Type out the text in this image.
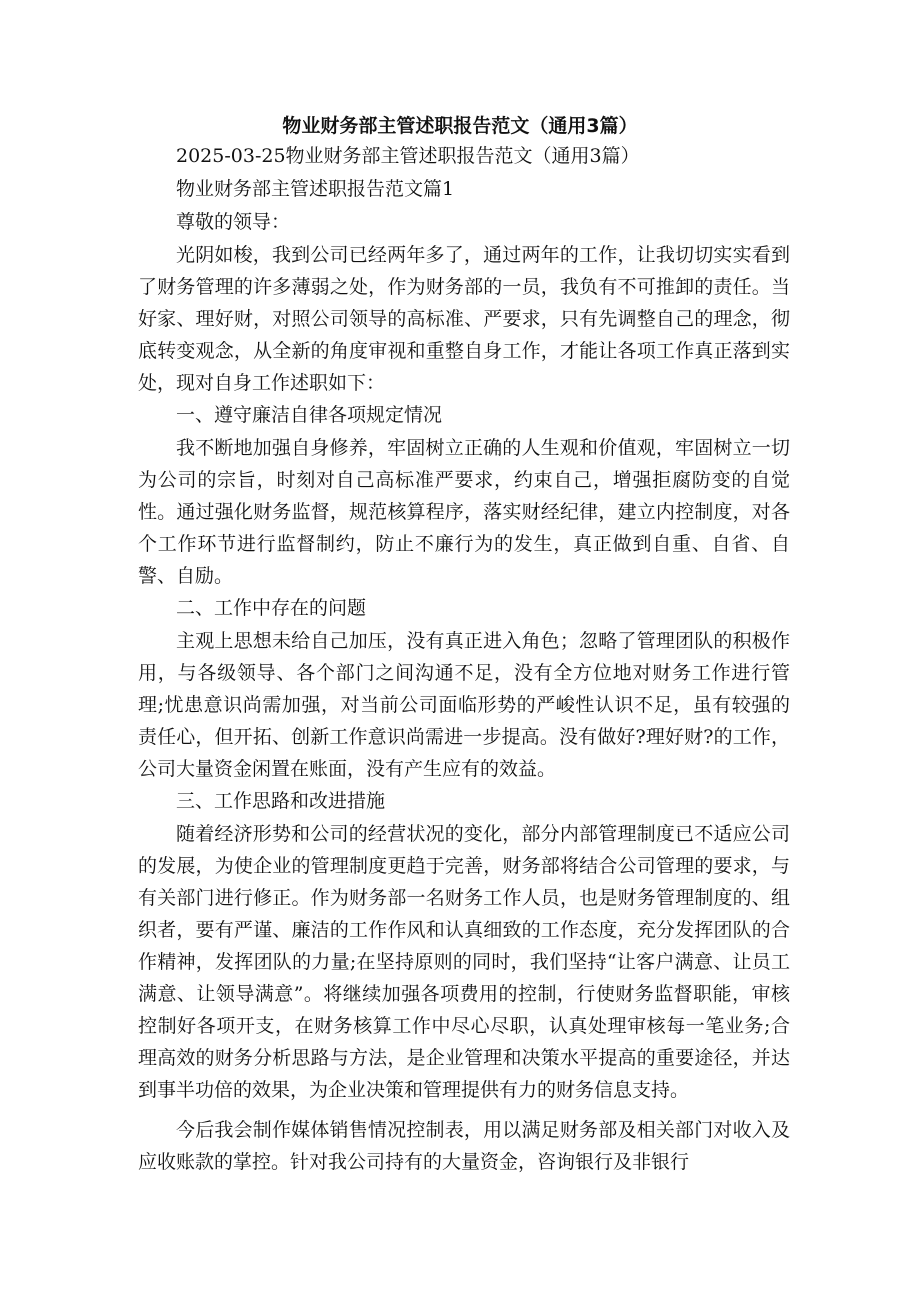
物业财务部主管述职报告范文（通用3篇）

2025-03-25物业财务部主管述职报告范文（通用3篇）

物业财务部主管述职报告范文篇1

尊敬的领导：

光阴如梭，我到公司已经两年多了，通过两年的工作，让我切切实实看到了财务管理的许多薄弱之处，作为财务部的一员，我负有不可推卸的责任。当好家、理好财，对照公司领导的高标准、严要求，只有先调整自己的理念，彻底转变观念，从全新的角度审视和重整自身工作，才能让各项工作真正落到实处，现对自身工作述职如下：

一、遵守廉洁自律各项规定情况

我不断地加强自身修养，牢固树立正确的人生观和价值观，牢固树立一切为公司的宗旨，时刻对自己高标准严要求，约束自己，增强拒腐防变的自觉性。通过强化财务监督，规范核算程序，落实财经纪律，建立内控制度，对各个工作环节进行监督制约，防止不廉行为的发生，真正做到自重、自省、自警、自励。

二、工作中存在的问题

主观上思想未给自己加压，没有真正进入角色；忽略了管理团队的积极作用，与各级领导、各个部门之间沟通不足，没有全方位地对财务工作进行管理;忧患意识尚需加强，对当前公司面临形势的严峻性认识不足，虽有较强的责任心，但开拓、创新工作意识尚需进一步提高。没有做好?理好财?的工作，公司大量资金闲置在账面，没有产生应有的效益。

三、工作思路和改进措施

随着经济形势和公司的经营状况的变化，部分内部管理制度已不适应公司的发展，为使企业的管理制度更趋于完善，财务部将结合公司管理的要求，与有关部门进行修正。作为财务部一名财务工作人员，也是财务管理制度的、组织者，要有严谨、廉洁的工作作风和认真细致的工作态度，充分发挥团队的合作精神，发挥团队的力量;在坚持原则的同时，我们坚持“让客户满意、让员工满意、让领导满意”。将继续加强各项费用的控制，行使财务监督职能，审核控制好各项开支，在财务核算工作中尽心尽职，认真处理审核每一笔业务;合理高效的财务分析思路与方法，是企业管理和决策水平提高的重要途径，并达到事半功倍的效果，为企业决策和管理提供有力的财务信息支持。

今后我会制作媒体销售情况控制表，用以满足财务部及相关部门对收入及应收账款的掌控。针对我公司持有的大量资金，咨询银行及非银行
